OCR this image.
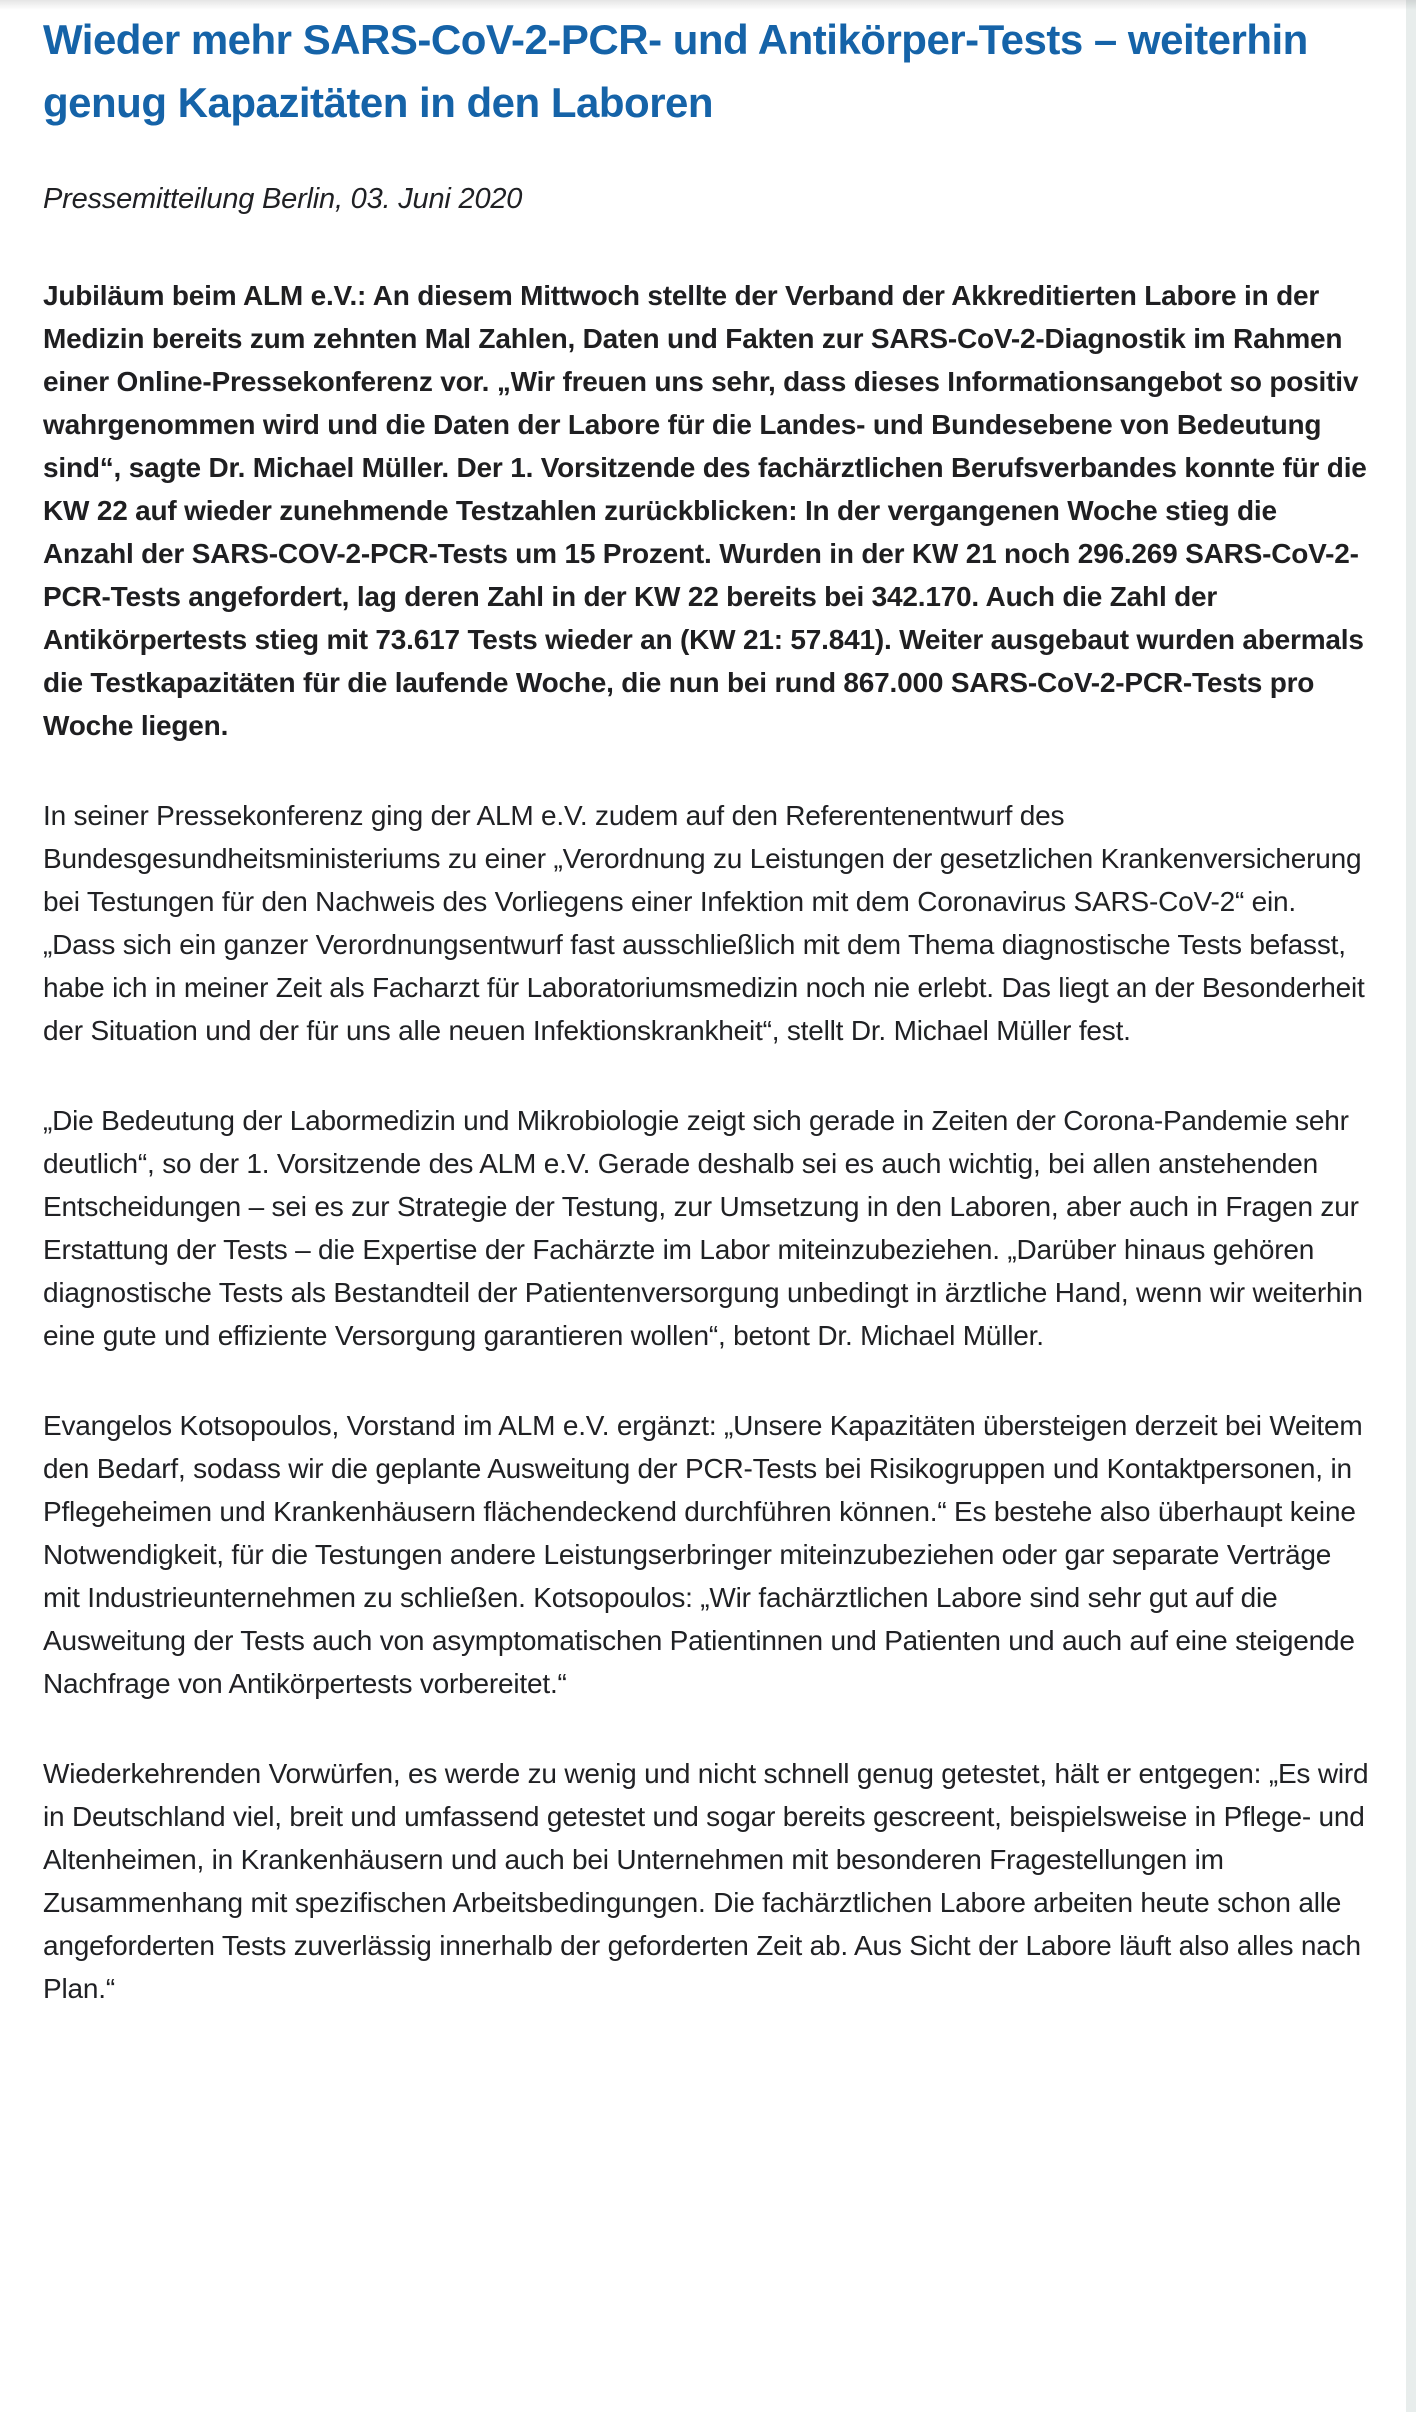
Wieder mehr SARS-CoV-2-PCR- und Antikörper-Tests – weiterhin genug Kapazitäten in den Laboren

Pressemitteilung Berlin, 03. Juni 2020

Jubiläum beim ALM e.V.: An diesem Mittwoch stellte der Verband der Akkreditierten Labore in der Medizin bereits zum zehnten Mal Zahlen, Daten und Fakten zur SARS-CoV-2-Diagnostik im Rahmen einer Online-Pressekonferenz vor. „Wir freuen uns sehr, dass dieses Informationsangebot so positiv wahrgenommen wird und die Daten der Labore für die Landes- und Bundesebene von Bedeutung sind“, sagte Dr. Michael Müller. Der 1. Vorsitzende des fachärztlichen Berufsverbandes konnte für die KW 22 auf wieder zunehmende Testzahlen zurückblicken: In der vergangenen Woche stieg die Anzahl der SARS-COV-2-PCR-Tests um 15 Prozent. Wurden in der KW 21 noch 296.269 SARS-CoV-2-PCR-Tests angefordert, lag deren Zahl in der KW 22 bereits bei 342.170. Auch die Zahl der Antikörpertests stieg mit 73.617 Tests wieder an (KW 21: 57.841). Weiter ausgebaut wurden abermals die Testkapazitäten für die laufende Woche, die nun bei rund 867.000 SARS-CoV-2-PCR-Tests pro Woche liegen.

In seiner Pressekonferenz ging der ALM e.V. zudem auf den Referentenentwurf des Bundesgesundheitsministeriums zu einer „Verordnung zu Leistungen der gesetzlichen Krankenversicherung bei Testungen für den Nachweis des Vorliegens einer Infektion mit dem Coronavirus SARS-CoV-2“ ein. „Dass sich ein ganzer Verordnungsentwurf fast ausschließlich mit dem Thema diagnostische Tests befasst, habe ich in meiner Zeit als Facharzt für Laboratoriumsmedizin noch nie erlebt. Das liegt an der Besonderheit der Situation und der für uns alle neuen Infektionskrankheit“, stellt Dr. Michael Müller fest.

„Die Bedeutung der Labormedizin und Mikrobiologie zeigt sich gerade in Zeiten der Corona-Pandemie sehr deutlich“, so der 1. Vorsitzende des ALM e.V. Gerade deshalb sei es auch wichtig, bei allen anstehenden Entscheidungen – sei es zur Strategie der Testung, zur Umsetzung in den Laboren, aber auch in Fragen zur Erstattung der Tests – die Expertise der Fachärzte im Labor miteinzubeziehen. „Darüber hinaus gehören diagnostische Tests als Bestandteil der Patientenversorgung unbedingt in ärztliche Hand, wenn wir weiterhin eine gute und effiziente Versorgung garantieren wollen“, betont Dr. Michael Müller.

Evangelos Kotsopoulos, Vorstand im ALM e.V. ergänzt: „Unsere Kapazitäten übersteigen derzeit bei Weitem den Bedarf, sodass wir die geplante Ausweitung der PCR-Tests bei Risikogruppen und Kontaktpersonen, in Pflegeheimen und Krankenhäusern flächendeckend durchführen können.“ Es bestehe also überhaupt keine Notwendigkeit, für die Testungen andere Leistungserbringer miteinzubeziehen oder gar separate Verträge mit Industrieunternehmen zu schließen. Kotsopoulos: „Wir fachärztlichen Labore sind sehr gut auf die Ausweitung der Tests auch von asymptomatischen Patientinnen und Patienten und auch auf eine steigende Nachfrage von Antikörpertests vorbereitet.“

Wiederkehrenden Vorwürfen, es werde zu wenig und nicht schnell genug getestet, hält er entgegen: „Es wird in Deutschland viel, breit und umfassend getestet und sogar bereits gescreent, beispielsweise in Pflege- und Altenheimen, in Krankenhäusern und auch bei Unternehmen mit besonderen Fragestellungen im Zusammenhang mit spezifischen Arbeitsbedingungen. Die fachärztlichen Labore arbeiten heute schon alle angeforderten Tests zuverlässig innerhalb der geforderten Zeit ab. Aus Sicht der Labore läuft also alles nach Plan.“
